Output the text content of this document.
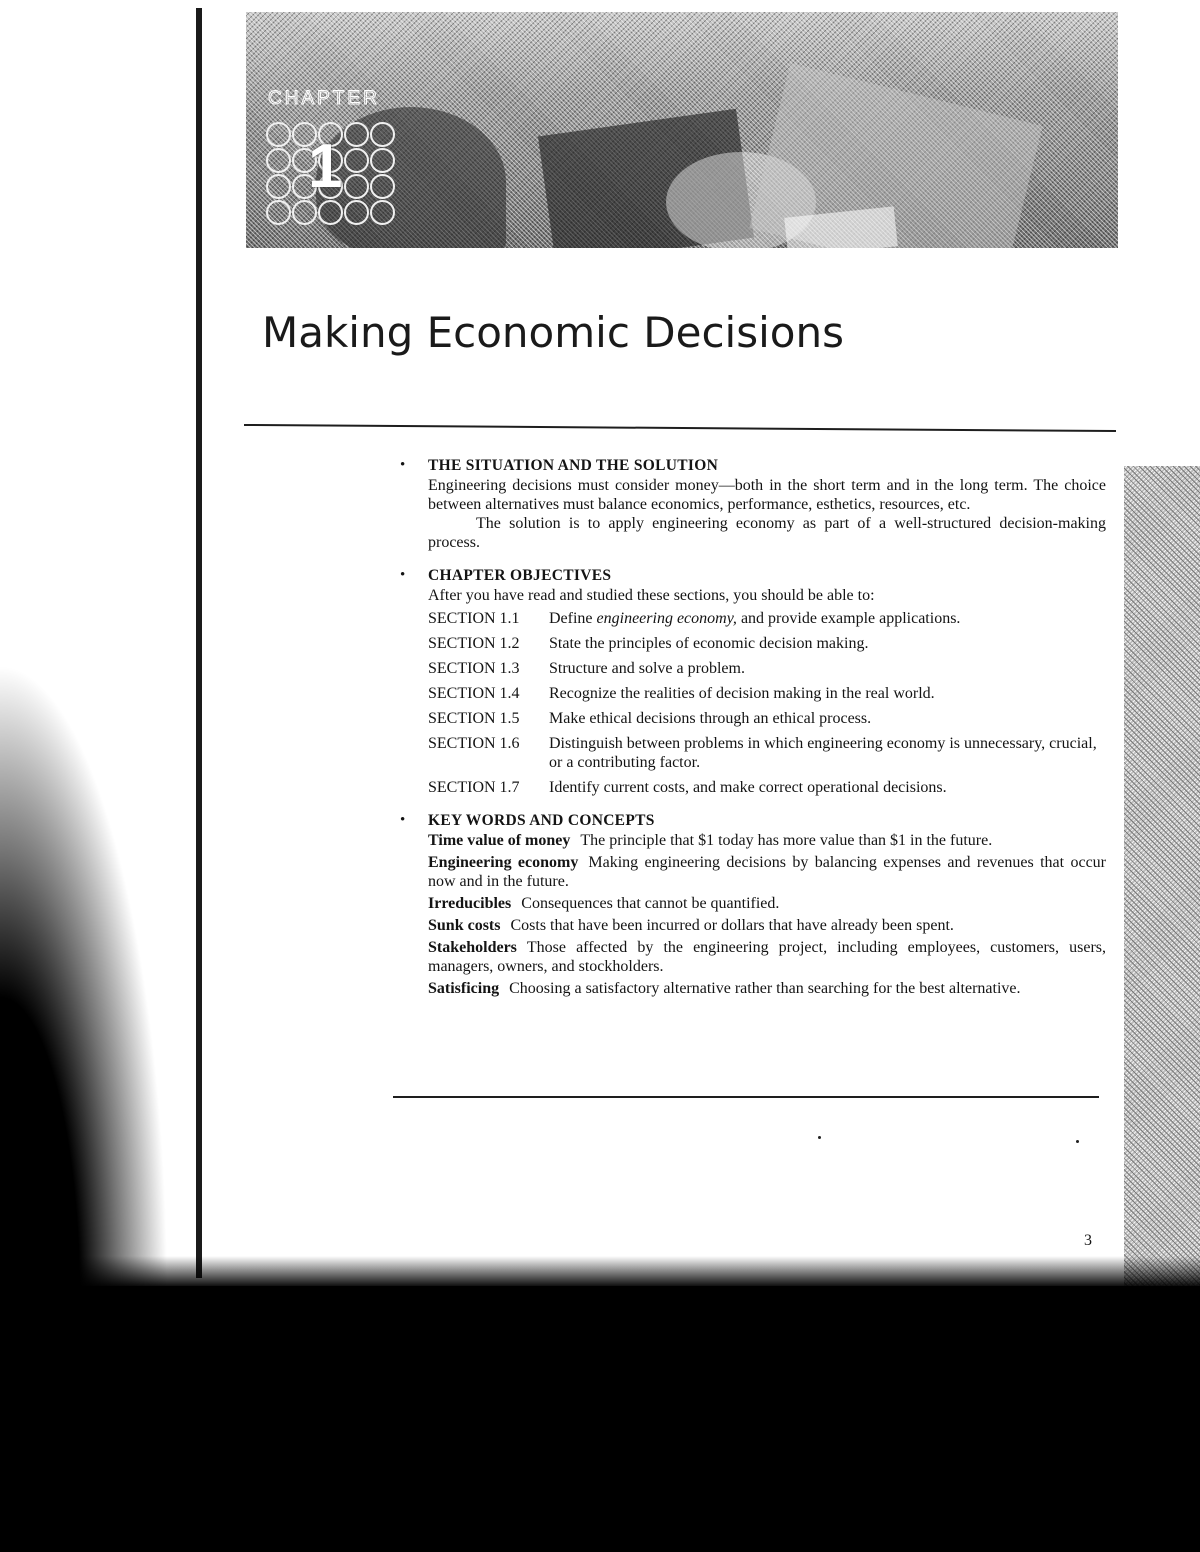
CHAPTER
1
Making Economic Decisions
• THE SITUATION AND THE SOLUTION

Engineering decisions must consider money—both in the short term and in the long term. The choice between alternatives must balance economics, performance, esthetics, resources, etc.

The solution is to apply engineering economy as part of a well-structured decision-making process.

• CHAPTER OBJECTIVES
After you have read and studied these sections, you should be able to:
SECTION 1.1	Define engineering economy, and provide example applications.
SECTION 1.2	State the principles of economic decision making.
SECTION 1.3	Structure and solve a problem.
SECTION 1.4	Recognize the realities of decision making in the real world.
SECTION 1.5	Make ethical decisions through an ethical process.
SECTION 1.6	Distinguish between problems in which engineering economy is unnecessary, crucial, or a contributing factor.
SECTION 1.7	Identify current costs, and make correct operational decisions.
• KEY WORDS AND CONCEPTS

Time value of money The principle that $1 today has more value than $1 in the future.

Engineering economy Making engineering decisions by balancing expenses and revenues that occur now and in the future.

Irreducibles Consequences that cannot be quantified.

Sunk costs Costs that have been incurred or dollars that have already been spent.

Stakeholders Those affected by the engineering project, including employees, customers, users, managers, owners, and stockholders.

Satisficing Choosing a satisfactory alternative rather than searching for the best alternative.

3
